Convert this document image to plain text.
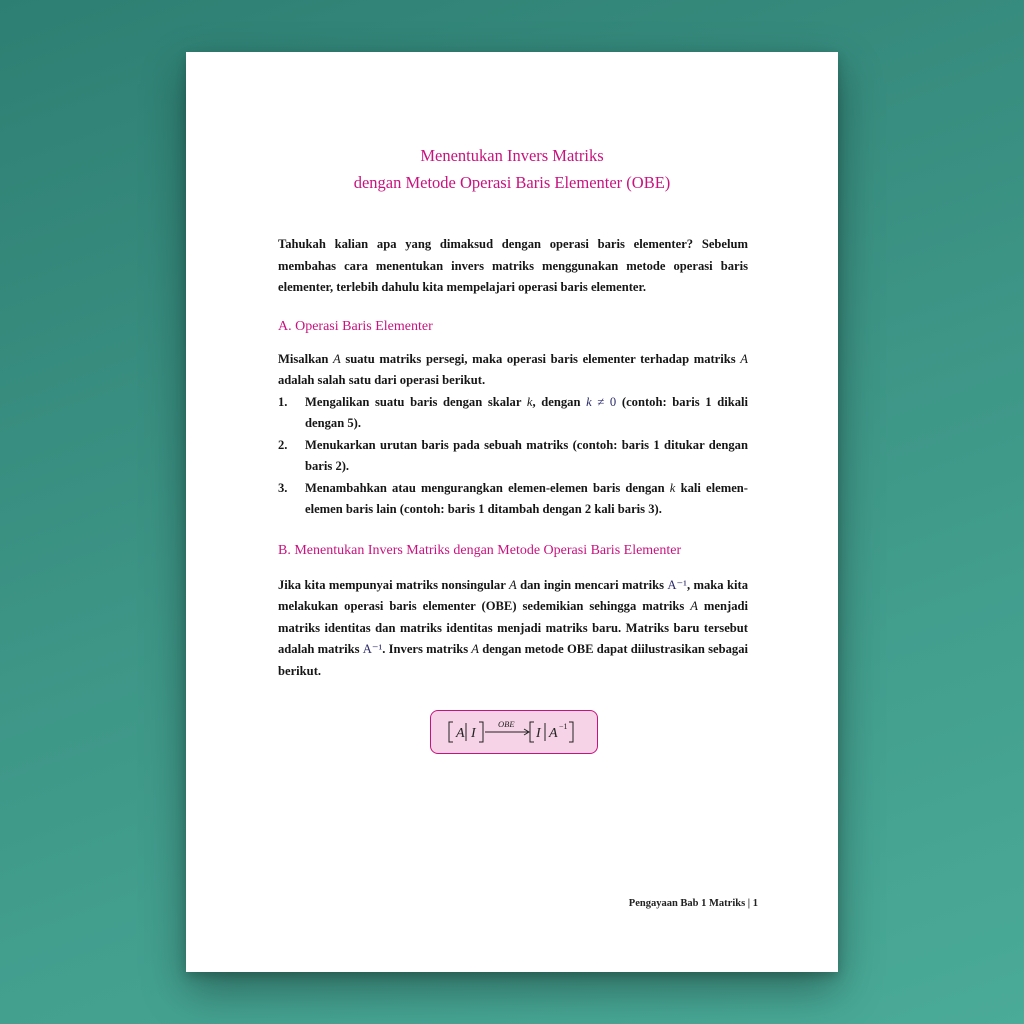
Menentukan Invers Matriks
dengan Metode Operasi Baris Elementer (OBE)

Tahukah kalian apa yang dimaksud dengan operasi baris elementer? Sebelum membahas cara menentukan invers matriks menggunakan metode operasi baris elementer, terlebih dahulu kita mempelajari operasi baris elementer.

A. Operasi Baris Elementer

Misalkan A suatu matriks persegi, maka operasi baris elementer terhadap matriks A adalah salah satu dari operasi berikut.

1. Mengalikan suatu baris dengan skalar k, dengan k ≠ 0 (contoh: baris 1 dikali dengan 5).
2. Menukarkan urutan baris pada sebuah matriks (contoh: baris 1 ditukar dengan baris 2).
3. Menambahkan atau mengurangkan elemen-elemen baris dengan k kali elemen-elemen baris lain (contoh: baris 1 ditambah dengan 2 kali baris 3).
B. Menentukan Invers Matriks dengan Metode Operasi Baris Elementer

Jika kita mempunyai matriks nonsingular A dan ingin mencari matriks A⁻¹, maka kita melakukan operasi baris elementer (OBE) sedemikian sehingga matriks A menjadi matriks identitas dan matriks identitas menjadi matriks baru. Matriks baru tersebut adalah matriks A⁻¹. Invers matriks A dengan metode OBE dapat diilustrasikan sebagai berikut.

A I
OBE
I A −1
Pengayaan Bab 1 Matriks | 1
